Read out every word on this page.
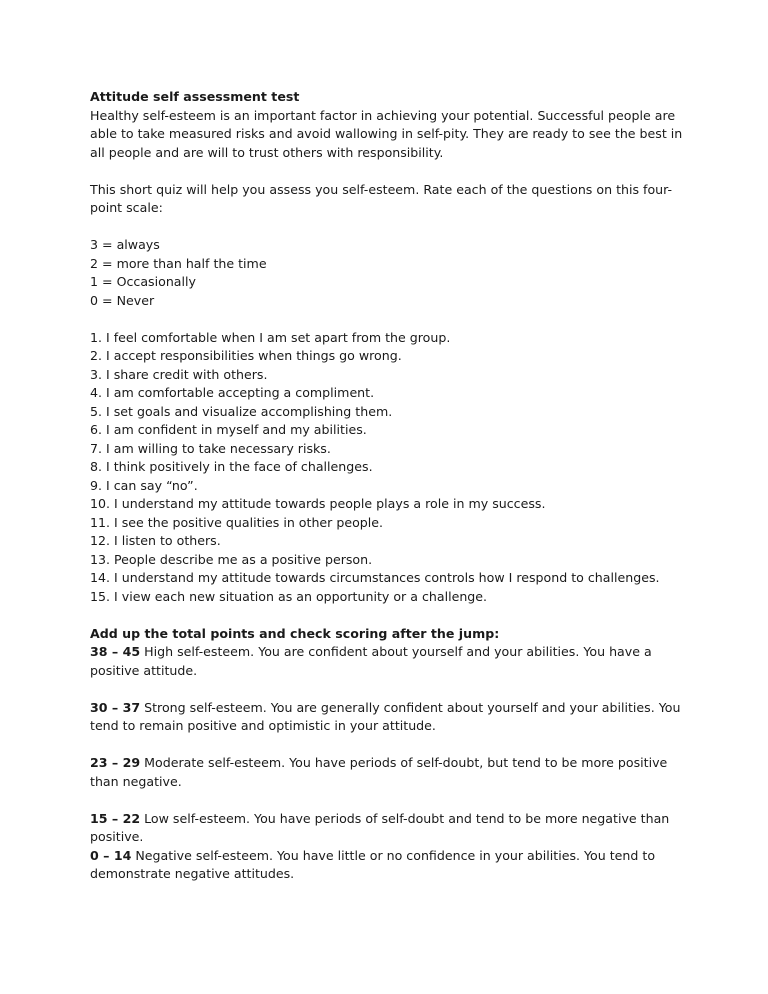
Attitude self assessment test

Healthy self-esteem is an important factor in achieving your potential. Successful people are able to take measured risks and avoid wallowing in self-pity. They are ready to see the best in all people and are will to trust others with responsibility.

This short quiz will help you assess you self-esteem. Rate each of the questions on this four-point scale:

3 = always
2 = more than half the time
1 = Occasionally
0 = Never
1. I feel comfortable when I am set apart from the group.
2. I accept responsibilities when things go wrong.
3. I share credit with others.
4. I am comfortable accepting a compliment.
5. I set goals and visualize accomplishing them.
6. I am confident in myself and my abilities.
7. I am willing to take necessary risks.
8. I think positively in the face of challenges.
9. I can say “no”.
10. I understand my attitude towards people plays a role in my success.
11. I see the positive qualities in other people.
12. I listen to others.
13. People describe me as a positive person.
14. I understand my attitude towards circumstances controls how I respond to challenges.
15. I view each new situation as an opportunity or a challenge.

Add up the total points and check scoring after the jump:

38 – 45 High self-esteem. You are confident about yourself and your abilities. You have a positive attitude.

30 – 37 Strong self-esteem. You are generally confident about yourself and your abilities. You tend to remain positive and optimistic in your attitude.

23 – 29 Moderate self-esteem. You have periods of self-doubt, but tend to be more positive than negative.

15 – 22 Low self-esteem. You have periods of self-doubt and tend to be more negative than positive.

0 – 14 Negative self-esteem. You have little or no confidence in your abilities. You tend to demonstrate negative attitudes.
